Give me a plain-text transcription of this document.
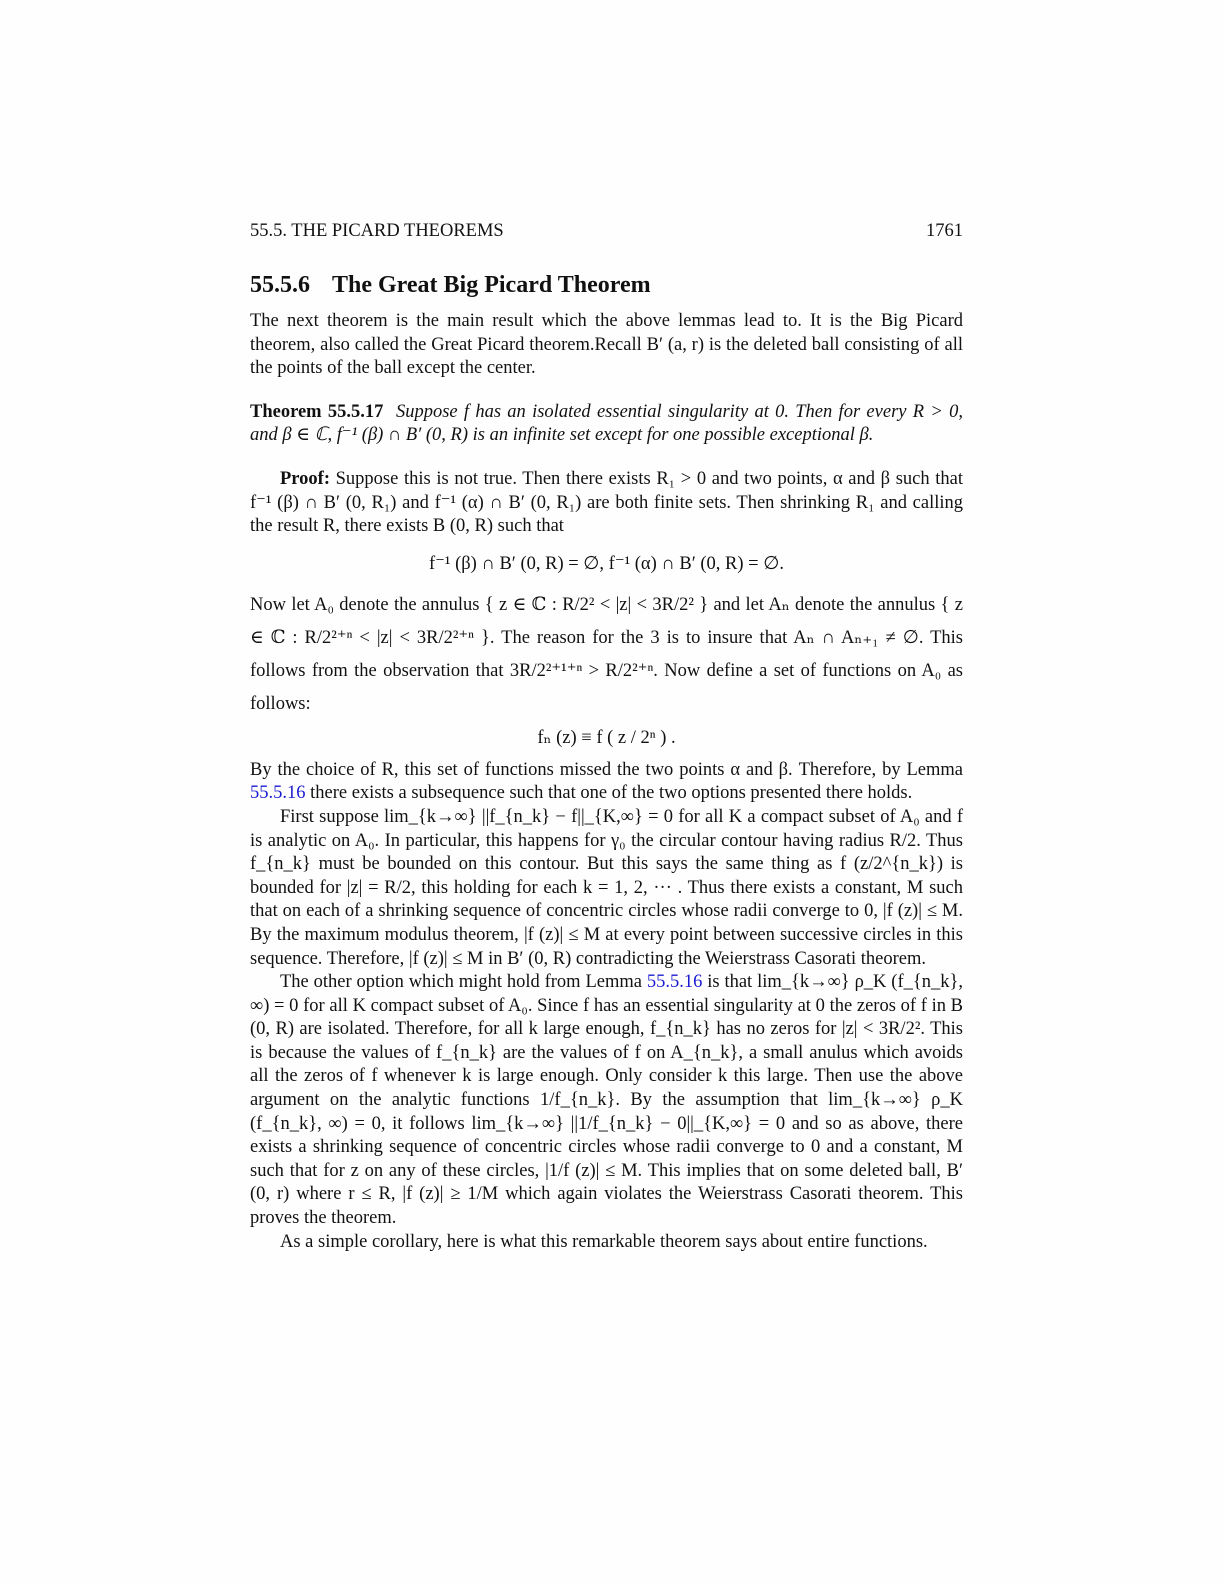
55.5. THE PICARD THEOREMS	1761
55.5.6 The Great Big Picard Theorem

The next theorem is the main result which the above lemmas lead to. It is the Big Picard theorem, also called the Great Picard theorem.Recall B′ (a, r) is the deleted ball consisting of all the points of the ball except the center.

Theorem 55.5.17 Suppose f has an isolated essential singularity at 0. Then for every R > 0, and β ∈ ℂ, f⁻¹ (β) ∩ B′ (0, R) is an infinite set except for one possible exceptional β.

Proof: Suppose this is not true. Then there exists R₁ > 0 and two points, α and β such that f⁻¹ (β) ∩ B′ (0, R₁) and f⁻¹ (α) ∩ B′ (0, R₁) are both finite sets. Then shrinking R₁ and calling the result R, there exists B (0, R) such that

f⁻¹ (β) ∩ B′ (0, R) = ∅, f⁻¹ (α) ∩ B′ (0, R) = ∅.

Now let A₀ denote the annulus { z ∈ ℂ : R/2² < |z| < 3R/2² } and let Aₙ denote the annulus { z ∈ ℂ : R/2²⁺ⁿ < |z| < 3R/2²⁺ⁿ }. The reason for the 3 is to insure that Aₙ ∩ Aₙ₊₁ ≠ ∅. This follows from the observation that 3R/2²⁺¹⁺ⁿ > R/2²⁺ⁿ. Now define a set of functions on A₀ as follows:

fₙ (z) ≡ f ( z / 2ⁿ ) .

By the choice of R, this set of functions missed the two points α and β. Therefore, by Lemma 55.5.16 there exists a subsequence such that one of the two options presented there holds.

First suppose lim_{k→∞} ||f_{n_k} − f||_{K,∞} = 0 for all K a compact subset of A₀ and f is analytic on A₀. In particular, this happens for γ₀ the circular contour having radius R/2. Thus f_{n_k} must be bounded on this contour. But this says the same thing as f (z/2^{n_k}) is bounded for |z| = R/2, this holding for each k = 1, 2, ··· . Thus there exists a constant, M such that on each of a shrinking sequence of concentric circles whose radii converge to 0, |f (z)| ≤ M. By the maximum modulus theorem, |f (z)| ≤ M at every point between successive circles in this sequence. Therefore, |f (z)| ≤ M in B′ (0, R) contradicting the Weierstrass Casorati theorem.

The other option which might hold from Lemma 55.5.16 is that lim_{k→∞} ρ_K (f_{n_k}, ∞) = 0 for all K compact subset of A₀. Since f has an essential singularity at 0 the zeros of f in B (0, R) are isolated. Therefore, for all k large enough, f_{n_k} has no zeros for |z| < 3R/2². This is because the values of f_{n_k} are the values of f on A_{n_k}, a small anulus which avoids all the zeros of f whenever k is large enough. Only consider k this large. Then use the above argument on the analytic functions 1/f_{n_k}. By the assumption that lim_{k→∞} ρ_K (f_{n_k}, ∞) = 0, it follows lim_{k→∞} ||1/f_{n_k} − 0||_{K,∞} = 0 and so as above, there exists a shrinking sequence of concentric circles whose radii converge to 0 and a constant, M such that for z on any of these circles, |1/f (z)| ≤ M. This implies that on some deleted ball, B′ (0, r) where r ≤ R, |f (z)| ≥ 1/M which again violates the Weierstrass Casorati theorem. This proves the theorem.

As a simple corollary, here is what this remarkable theorem says about entire functions.
